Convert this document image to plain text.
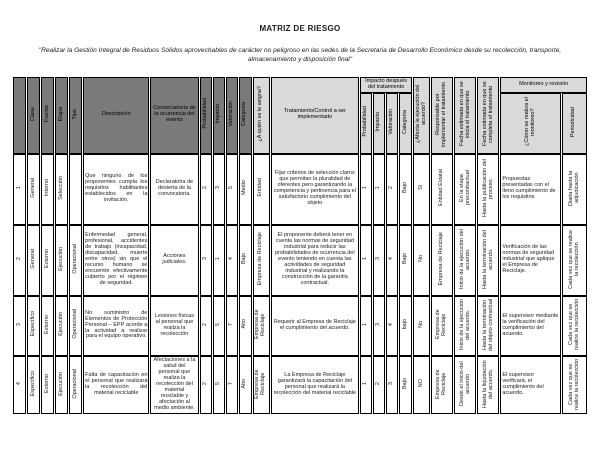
MATRIZ DE RIESGO
"Realizar la Gestión Integral de Residuos Sólidos aprovechables de carácter no peligroso en las sedes de la Secretaria de Desarrollo Económico desde su recolección, transporte, almacenamiento y disposición final"
	Clase	Fuente	Etapa	Tipo	Descripción	Consecuencia de la ocurrencia del evento	Probabilidad	Impacto	Valoración	Categoría	¿A quién se le asigna?	Tratamiento/Control a ser implementado	Impacto después del tratamiento				¿Afecta la ejecución del acuerdo?	Responsable por implementar el tratamiento	Fecha estimada en que se inicia el tratamiento	Fecha estimada en que se completa el tratamiento	Monitoreo y revisión	
													Probabilidad	Impacto	Valoración	Categoría					¿Cómo se realiza el monitoreo?	Periodicidad
1	General	Interno	Selección		Que ninguno de los proponentes cumpla los requisitos habilitantes establecidos en la invitación.	Declaratoria de desierta de la convocatoria.	2	3	5	Medio	Entidad	Fijar criterios de selección claros que permitan la pluralidad de oferentes pero garantizando la competencia y pertinencia para el satisfactorio cumplimiento del objeto	1	1	2	Bajo	Si	Entidad Estatal	En la etapa precontractual	Hasta la publicación del proceso.	Propuestas presentadas con el lleno cumplimiento de los requisitos	Diaria hasta la adjudicación
2	General	Externo	Ejecución	Operacional	Enfermedad general, profesional, accidentes de trabajo (incapacidad, discapacidad, muerte entre otros) sin que el recurso humano se encuentre efectivamente cubierto por el régimen de seguridad.	Acciones judiciales.	3	1	4	Bajo	Empresa de Reciclaje	El proponente deberá tener en cuenta las normas de seguridad industrial para reducir las probabilidades de ocurrencia del evento teniendo en cuenta las actividades de seguridad industrial y realizando la construcción de la garantía contractual.	1	3	4	Bajo	No	Empresa de Reciclaje	Inicio de la ejecución del acuerdo.	Hasta la terminación del acuerdo.	Verificación de las normas de seguridad industrial que aplique el Empresa de Reciclaje.	Cada vez que se realice la recolección
3	Específico	Externo	Ejecución	Operacional	No suministro de Elementos de Protección Personal – EPP acorde a la actividad a realizar para el equipo operativo.	Lesiones físicas al personal que realiza la recolección	2	5	7	Alto	Empresa de Reciclaje	Requerir al Empresa de Reciclaje el cumplimiento del acuerdo.	1	3	4	bajo	No	Empresa de Reciclaje	Inicio de la ejecución del acuerdo.	Hasta la terminación del objeto contractual	El supervisor mediante la verificación del cumplimiento del acuerdo.	Cada vez que se realice la recolección
4	Específico	Externo	Ejecución	Operacional	Falta de capacitación en el personal que realizará la recolección del material reciclable	Afectaciones a la salud del personal que realiza la recolección del material reciclable y afectación al medio ambiente.	2	5	7	Alto	Empresa de Reciclaje	La Empresa de Reciclaje garantizará la capacitación del personal que realizará la recolección del material reciclable	1	2	3	Bajo	NO	Empresa de Reciclaje	Desde el inicio del acuerdo	Hasta la liquidación del acuerdo.	El supervisor verificará, el cumplimiento del acuerdo.	Cada vez que se realice la recolección
